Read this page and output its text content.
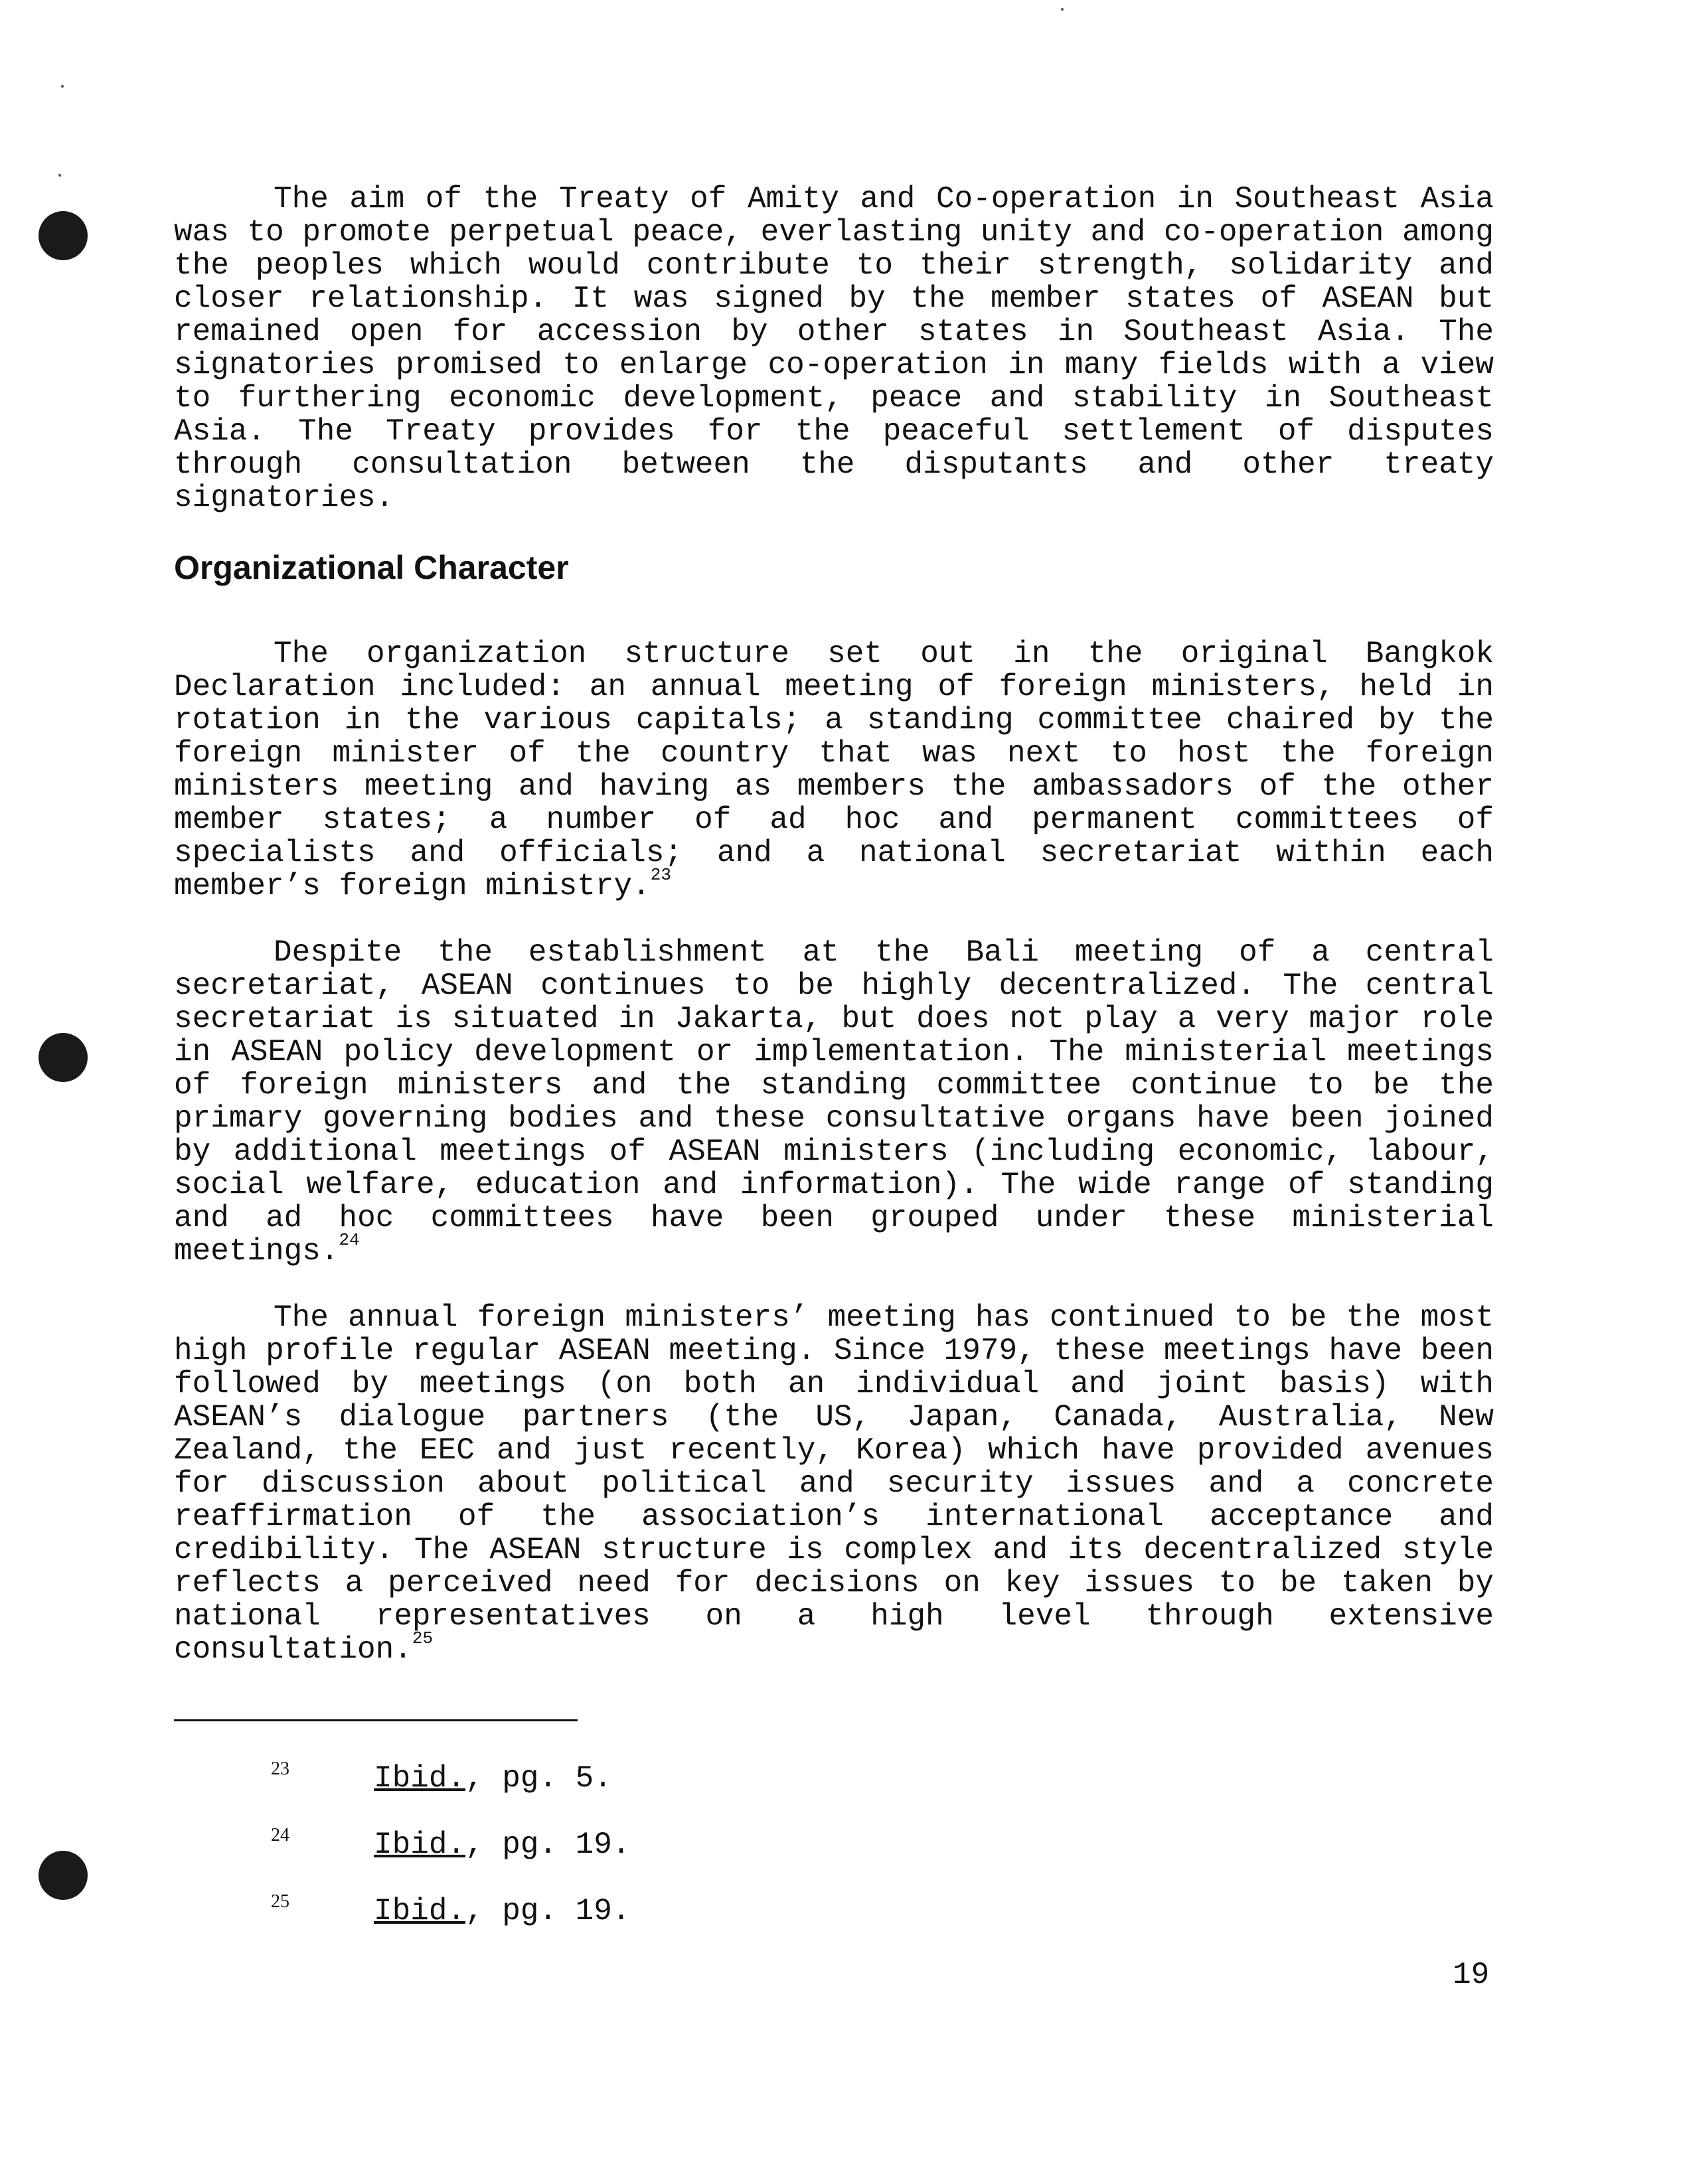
The aim of the Treaty of Amity and Co-operation in Southeast Asia was to promote perpetual peace, everlasting unity and co-operation among the peoples which would contribute to their strength, solidarity and closer relationship. It was signed by the member states of ASEAN but remained open for accession by other states in Southeast Asia. The signatories promised to enlarge co-operation in many fields with a view to furthering economic development, peace and stability in Southeast Asia. The Treaty provides for the peaceful settlement of disputes through consultation between the disputants and other treaty signatories.

Organizational Character

The organization structure set out in the original Bangkok Declaration included: an annual meeting of foreign ministers, held in rotation in the various capitals; a standing committee chaired by the foreign minister of the country that was next to host the foreign ministers meeting and having as members the ambassadors of the other member states; a number of ad hoc and permanent committees of specialists and officials; and a national secretariat within each member’s foreign ministry.$^{23}$

Despite the establishment at the Bali meeting of a central secretariat, ASEAN continues to be highly decentralized. The central secretariat is situated in Jakarta, but does not play a very major role in ASEAN policy development or implementation. The ministerial meetings of foreign ministers and the standing committee continue to be the primary governing bodies and these consultative organs have been joined by additional meetings of ASEAN ministers (including economic, labour, social welfare, education and information). The wide range of standing and ad hoc committees have been grouped under these ministerial meetings.$^{24}$

The annual foreign ministers’ meeting has continued to be the most high profile regular ASEAN meeting. Since 1979, these meetings have been followed by meetings (on both an individual and joint basis) with ASEAN’s dialogue partners (the US, Japan, Canada, Australia, New Zealand, the EEC and just recently, Korea) which have provided avenues for discussion about political and security issues and a concrete reaffirmation of the association’s international acceptance and credibility. The ASEAN structure is complex and its decentralized style reflects a perceived need for decisions on key issues to be taken by national representatives on a high level through extensive consultation.$^{25}$

23	Ibid., pg. 5.
24	Ibid., pg. 19.
25	Ibid., pg. 19.
19
